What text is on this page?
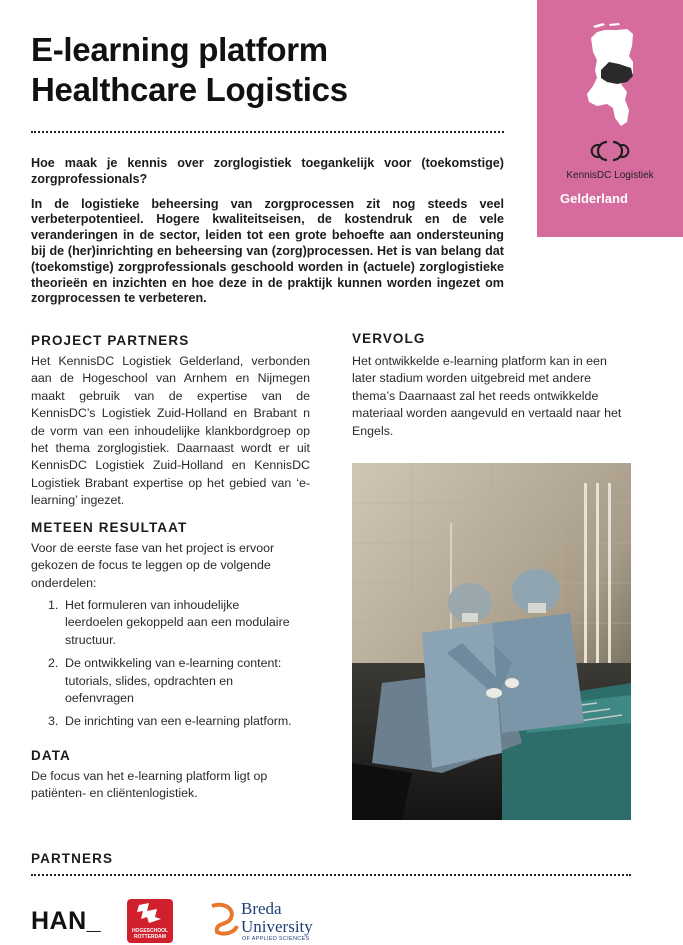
E-learning platform
Healthcare Logistics
KennisDC Logistiek
Gelderland

Hoe maak je kennis over zorglogistiek toegankelijk voor (toekomstige) zorgprofessionals?

In de logistieke beheersing van zorgprocessen zit nog steeds veel verbeterpotentieel. Hogere kwaliteitseisen, de kostendruk en de vele veranderingen in de sector, leiden tot een grote behoefte aan ondersteuning bij de (her)inrichting en beheersing van (zorg)processen. Het is van belang dat (toekomstige) zorgprofessionals geschoold worden in (actuele) zorglogistieke theorieën en inzichten en hoe deze in de praktijk kunnen worden ingezet om zorgprocessen te verbeteren.

PROJECT PARTNERS

Het KennisDC Logistiek Gelderland, verbonden aan de Hogeschool van Arnhem en Nijmegen maakt gebruik van de expertise van de KennisDC’s Logistiek Zuid-Holland en Brabant n de vorm van een inhoudelijke klankbordgroep op het thema zorglogistiek. Daarnaast wordt er uit KennisDC Logistiek Zuid-Holland en KennisDC Logistiek Brabant expertise op het gebied van ‘e-learning’ ingezet.

METEEN RESULTAAT

Voor de eerste fase van het project is ervoor gekozen de focus te leggen op de volgende onderdelen:

1. Het formuleren van inhoudelijke leerdoelen gekoppeld aan een modulaire structuur.
2. De ontwikkeling van e-learning content: tutorials, slides, opdrachten en oefenvragen
3. De inrichting van een e-learning platform.
DATA

De focus van het e-learning platform ligt op patiënten- en cliëntenlogistiek.

VERVOLG

Het ontwikkelde e-learning platform kan in een later stadium worden uitgebreid met andere thema’s Daarnaast zal het reeds ontwikkelde materiaal worden aangevuld en vertaald naar het Engels.

PARTNERS
HAN_	HOGESCHOOL
ROTTERDAM
Breda
University
OF APPLIED SCIENCES
